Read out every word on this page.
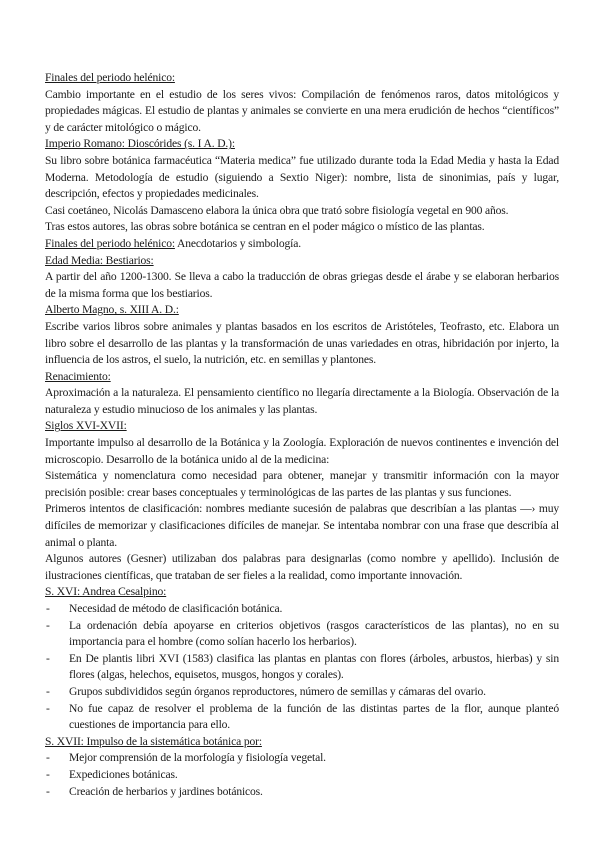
Finales del periodo helénico:
Cambio importante en el estudio de los seres vivos: Compilación de fenómenos raros, datos mitológicos y propiedades mágicas. El estudio de plantas y animales se convierte en una mera erudición de hechos “científicos” y de carácter mitológico o mágico.
Imperio Romano: Dioscórides (s. I A. D.):
Su libro sobre botánica farmacéutica “Materia medica” fue utilizado durante toda la Edad Media y hasta la Edad Moderna. Metodología de estudio (siguiendo a Sextio Niger): nombre, lista de sinonimias, país y lugar, descripción, efectos y propiedades medicinales.
Casi coetáneo, Nicolás Damasceno elabora la única obra que trató sobre fisiología vegetal en 900 años.
Tras estos autores, las obras sobre botánica se centran en el poder mágico o místico de las plantas.
Finales del periodo helénico: Anecdotarios y simbología.
Edad Media: Bestiarios:
A partir del año 1200-1300. Se lleva a cabo la traducción de obras griegas desde el árabe y se elaboran herbarios de la misma forma que los bestiarios.
Alberto Magno, s. XIII A. D.:
Escribe varios libros sobre animales y plantas basados en los escritos de Aristóteles, Teofrasto, etc. Elabora un libro sobre el desarrollo de las plantas y la transformación de unas variedades en otras, hibridación por injerto, la influencia de los astros, el suelo, la nutrición, etc. en semillas y plantones.
Renacimiento:
Aproximación a la naturaleza. El pensamiento científico no llegaría directamente a la Biología. Observación de la naturaleza y estudio minucioso de los animales y las plantas.
Siglos XVI-XVII:
Importante impulso al desarrollo de la Botánica y la Zoología. Exploración de nuevos continentes e invención del microscopio. Desarrollo de la botánica unido al de la medicina:
Sistemática y nomenclatura como necesidad para obtener, manejar y transmitir información con la mayor precisión posible: crear bases conceptuales y terminológicas de las partes de las plantas y sus funciones.
Primeros intentos de clasificación: nombres mediante sucesión de palabras que describían a las plantas —› muy difíciles de memorizar y clasificaciones difíciles de manejar. Se intentaba nombrar con una frase que describía al animal o planta.
Algunos autores (Gesner) utilizaban dos palabras para designarlas (como nombre y apellido). Inclusión de ilustraciones científicas, que trataban de ser fieles a la realidad, como importante innovación.
S. XVI: Andrea Cesalpino:
- Necesidad de método de clasificación botánica.
- La ordenación debía apoyarse en criterios objetivos (rasgos característicos de las plantas), no en su importancia para el hombre (como solían hacerlo los herbarios).
- En De plantis libri XVI (1583) clasifica las plantas en plantas con flores (árboles, arbustos, hierbas) y sin flores (algas, helechos, equisetos, musgos, hongos y corales).
- Grupos subdivididos según órganos reproductores, número de semillas y cámaras del ovario.
- No fue capaz de resolver el problema de la función de las distintas partes de la flor, aunque planteó cuestiones de importancia para ello.
S. XVII: Impulso de la sistemática botánica por:
- Mejor comprensión de la morfología y fisiología vegetal.
- Expediciones botánicas.
- Creación de herbarios y jardines botánicos.
